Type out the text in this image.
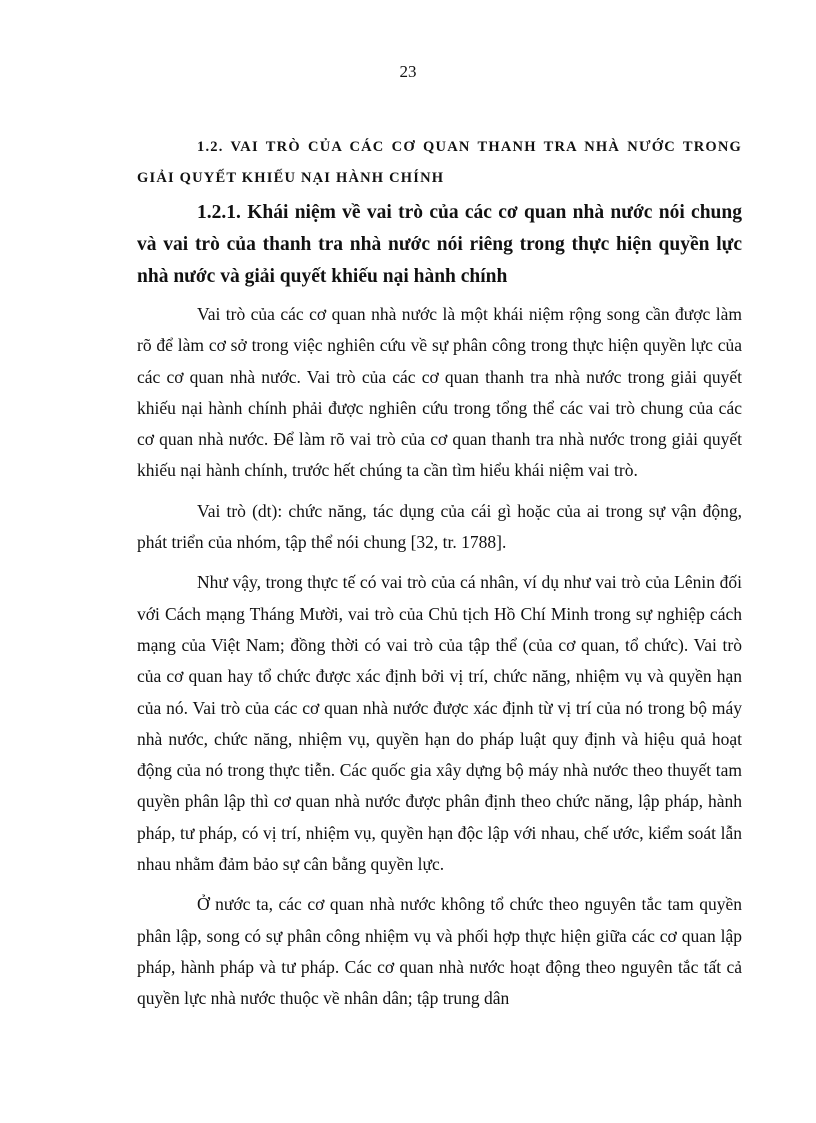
23

1.2. VAI TRÒ CỦA CÁC CƠ QUAN THANH TRA NHÀ NƯỚC TRONG GIẢI QUYẾT KHIẾU NẠI HÀNH CHÍNH

1.2.1. Khái niệm về vai trò của các cơ quan nhà nước nói chung và vai trò của thanh tra nhà nước nói riêng trong thực hiện quyền lực nhà nước và giải quyết khiếu nại hành chính

Vai trò của các cơ quan nhà nước là một khái niệm rộng song cần được làm rõ để làm cơ sở trong việc nghiên cứu về sự phân công trong thực hiện quyền lực của các cơ quan nhà nước. Vai trò của các cơ quan thanh tra nhà nước trong giải quyết khiếu nại hành chính phải được nghiên cứu trong tổng thể các vai trò chung của các cơ quan nhà nước. Để làm rõ vai trò của cơ quan thanh tra nhà nước trong giải quyết khiếu nại hành chính, trước hết chúng ta cần tìm hiểu khái niệm vai trò.

Vai trò (dt): chức năng, tác dụng của cái gì hoặc của ai trong sự vận động, phát triển của nhóm, tập thể nói chung [32, tr. 1788].

Như vậy, trong thực tế có vai trò của cá nhân, ví dụ như vai trò của Lênin đối với Cách mạng Tháng Mười, vai trò của Chủ tịch Hồ Chí Minh trong sự nghiệp cách mạng của Việt Nam; đồng thời có vai trò của tập thể (của cơ quan, tổ chức). Vai trò của cơ quan hay tổ chức được xác định bởi vị trí, chức năng, nhiệm vụ và quyền hạn của nó. Vai trò của các cơ quan nhà nước được xác định từ vị trí của nó trong bộ máy nhà nước, chức năng, nhiệm vụ, quyền hạn do pháp luật quy định và hiệu quả hoạt động của nó trong thực tiễn. Các quốc gia xây dựng bộ máy nhà nước theo thuyết tam quyền phân lập thì cơ quan nhà nước được phân định theo chức năng, lập pháp, hành pháp, tư pháp, có vị trí, nhiệm vụ, quyền hạn độc lập với nhau, chế ước, kiểm soát lẫn nhau nhằm đảm bảo sự cân bằng quyền lực.

Ở nước ta, các cơ quan nhà nước không tổ chức theo nguyên tắc tam quyền phân lập, song có sự phân công nhiệm vụ và phối hợp thực hiện giữa các cơ quan lập pháp, hành pháp và tư pháp. Các cơ quan nhà nước hoạt động theo nguyên tắc tất cả quyền lực nhà nước thuộc về nhân dân; tập trung dân
